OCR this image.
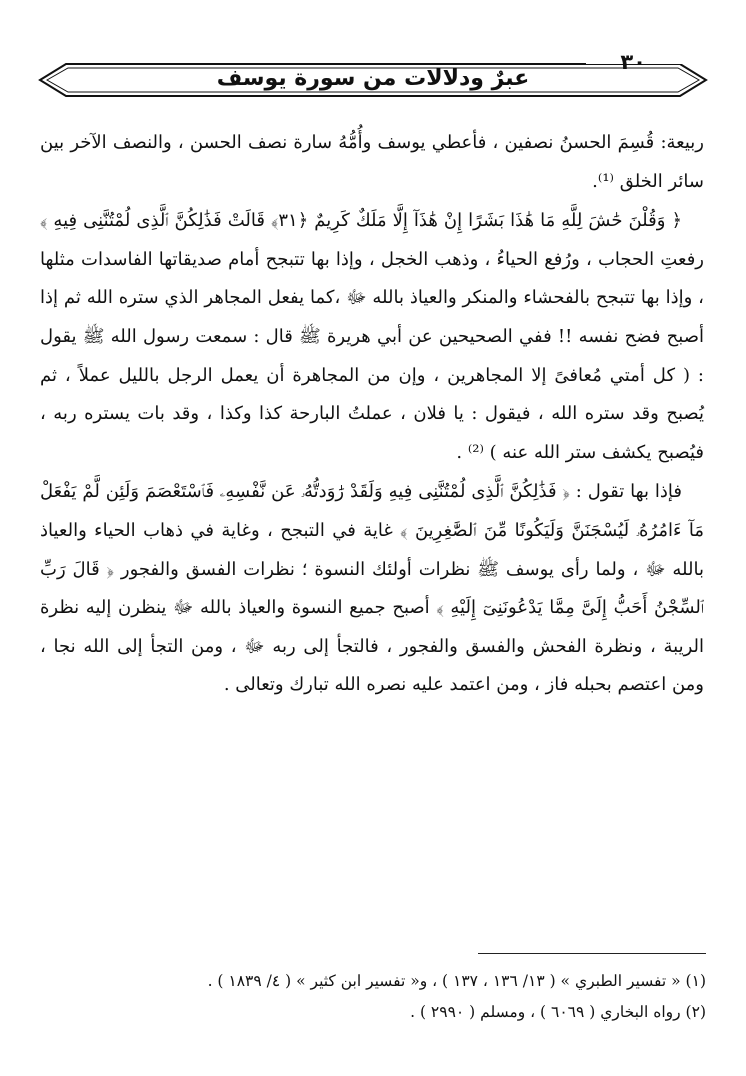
٣٠
عبرٌ ودلالات من سورة يوسف

ربيعة: قُسِمَ الحسنُ نصفين ، فأعطي يوسف وأُمُّهُ سارة نصف الحسن ، والنصف الآخر بين سائر الخلق ⁽¹⁾.

﴿ وَقُلْنَ حَٰشَ لِلَّهِ مَا هَٰذَا بَشَرًا إِنْ هَٰذَآ إِلَّا مَلَكٌ كَرِيمٌ ﴿٣١﴾ قَالَتْ فَذَٰلِكُنَّ ٱلَّذِى لُمْتُنَّنِى فِيهِ ﴾ رفعتِ الحجاب ، ورُفع الحياءُ ، وذهب الخجل ، وإذا بها تتبجح أمام صديقاتها الفاسدات مثلها ، وإذا بها تتبجح بالفحشاء والمنكر والعياذ بالله ﷻ ،كما يفعل المجاهر الذي ستره الله ثم إذا أصبح فضح نفسه !! ففي الصحيحين عن أبي هريرة ﷺ قال : سمعت رسول الله ﷺ يقول : ( كل أمتي مُعافىً إلا المجاهرين ، وإن من المجاهرة أن يعمل الرجل بالليل عملاً ، ثم يُصبح وقد ستره الله ، فيقول : يا فلان ، عملتُ البارحة كذا وكذا ، وقد بات يستره ربه ، فيُصبح يكشف ستر الله عنه ) ⁽²⁾ .

فإذا بها تقول : ﴿ فَذَٰلِكُنَّ ٱلَّذِى لُمْتُنَّنِى فِيهِ وَلَقَدْ رَٰوَدتُّهُۥ عَن نَّفْسِهِۦ فَٱسْتَعْصَمَ وَلَئِن لَّمْ يَفْعَلْ مَآ ءَامُرُهُۥ لَيُسْجَنَنَّ وَلَيَكُونًا مِّنَ ٱلصَّٰغِرِينَ ﴾ غاية في التبجح ، وغاية في ذهاب الحياء والعياذ بالله ﷻ ، ولما رأى يوسف ﷺ نظرات أولئك النسوة ؛ نظرات الفسق والفجور ﴿ قَالَ رَبِّ ٱلسِّجْنُ أَحَبُّ إِلَىَّ مِمَّا يَدْعُونَنِىٓ إِلَيْهِ ﴾ أصبح جميع النسوة والعياذ بالله ﷻ ينظرن إليه نظرة الريبة ، ونظرة الفحش والفسق والفجور ، فالتجأ إلى ربه ﷻ ، ومن التجأ إلى الله نجا ، ومن اعتصم بحبله فاز ، ومن اعتمد عليه نصره الله تبارك وتعالى .

(١) « تفسير الطبري » ( ١٣/ ١٣٦ ، ١٣٧ ) ، و« تفسير ابن كثير » ( ٤/ ١٨٣٩ ) .

(٢) رواه البخاري ( ٦٠٦٩ ) ، ومسلم ( ٢٩٩٠ ) .
